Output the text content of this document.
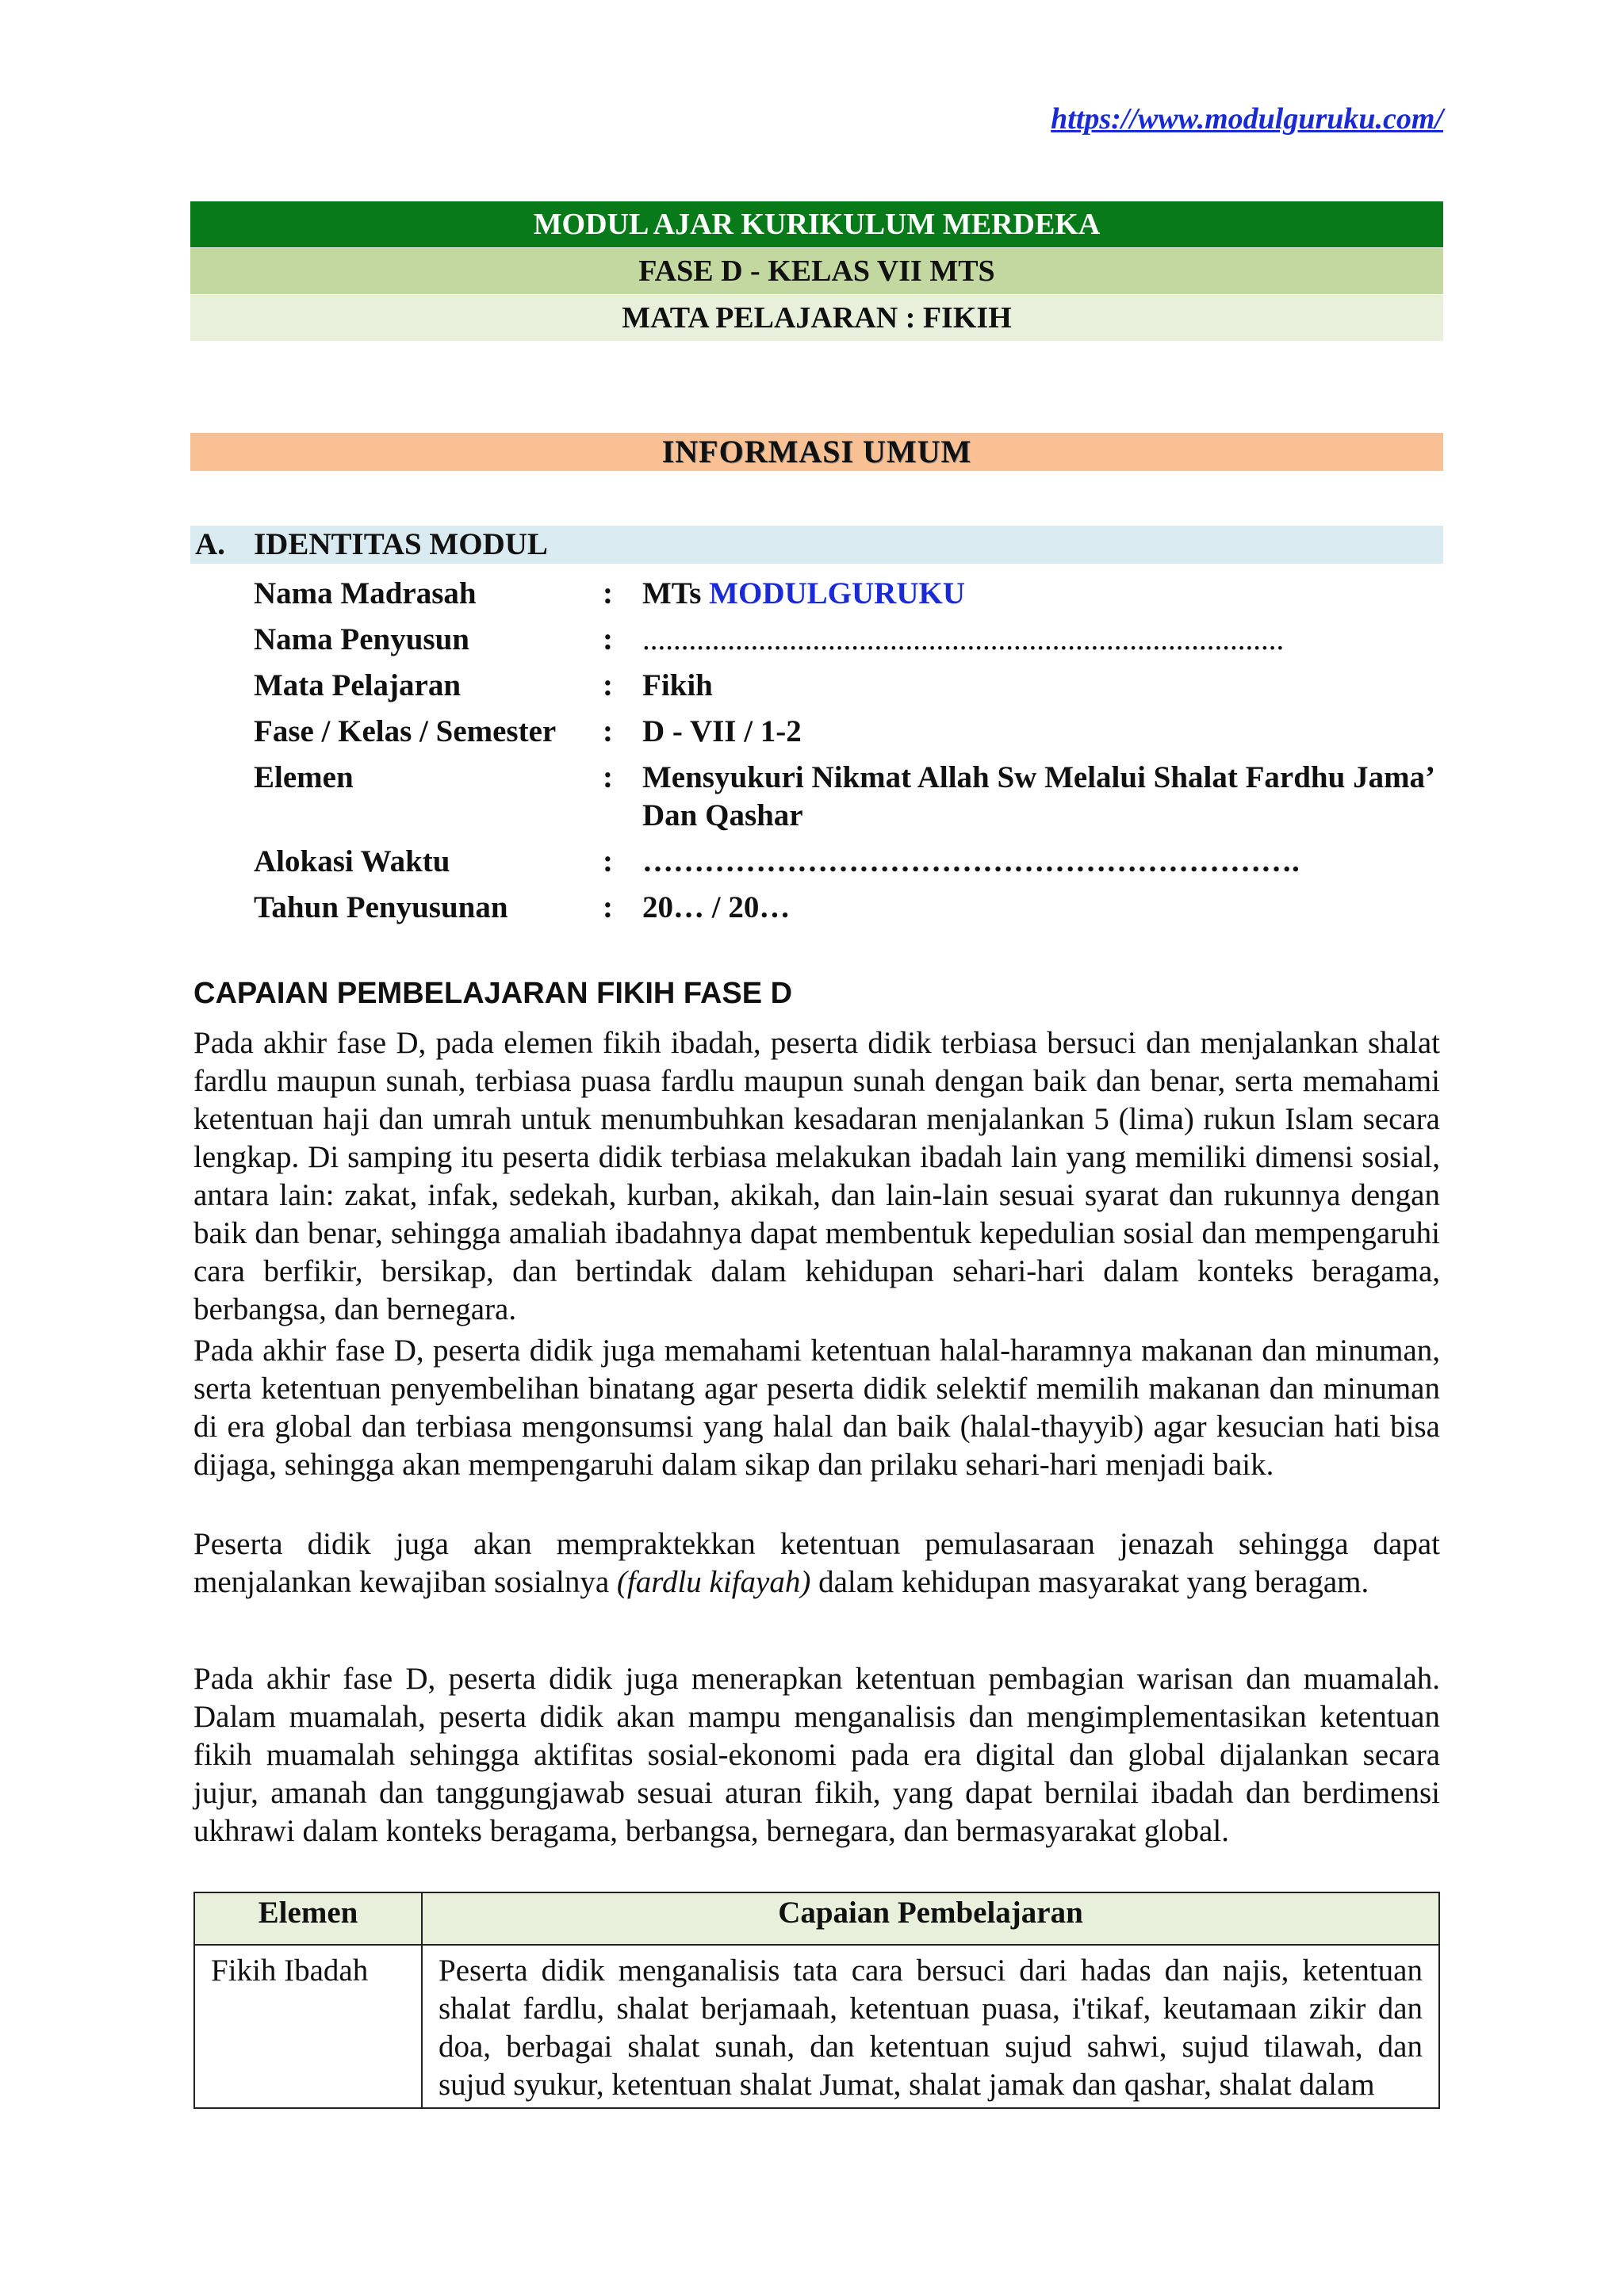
https://www.modulguruku.com/
MODUL AJAR KURIKULUM MERDEKA
FASE D - KELAS VII MTS
MATA PELAJARAN : FIKIH
INFORMASI UMUM
A. IDENTITAS MODUL
Nama Madrasah	: MTs MODULGURUKU
Nama Penyusun	: ...................................................................................
Mata Pelajaran	: Fikih
Fase / Kelas / Semester : D - VII / 1-2
Elemen	: Mensyukuri Nikmat Allah Sw Melalui Shalat Fardhu Jama’ Dan Qashar
Alokasi Waktu	: ……………………………………………………….
Tahun Penyusunan	: 20… / 20…
CAPAIAN PEMBELAJARAN FIKIH FASE D

Pada akhir fase D, pada elemen fikih ibadah, peserta didik terbiasa bersuci dan menjalankan shalat fardlu maupun sunah, terbiasa puasa fardlu maupun sunah dengan baik dan benar, serta memahami ketentuan haji dan umrah untuk menumbuhkan kesadaran menjalankan 5 (lima) rukun Islam secara lengkap. Di samping itu peserta didik terbiasa melakukan ibadah lain yang memiliki dimensi sosial, antara lain: zakat, infak, sedekah, kurban, akikah, dan lain-lain sesuai syarat dan rukunnya dengan baik dan benar, sehingga amaliah ibadahnya dapat membentuk kepedulian sosial dan mempengaruhi cara berfikir, bersikap, dan bertindak dalam kehidupan sehari-hari dalam konteks beragama, berbangsa, dan bernegara.

Pada akhir fase D, peserta didik juga memahami ketentuan halal-haramnya makanan dan minuman, serta ketentuan penyembelihan binatang agar peserta didik selektif memilih makanan dan minuman di era global dan terbiasa mengonsumsi yang halal dan baik (halal-thayyib) agar kesucian hati bisa dijaga, sehingga akan mempengaruhi dalam sikap dan prilaku sehari-hari menjadi baik.

Peserta didik juga akan mempraktekkan ketentuan pemulasaraan jenazah sehingga dapat menjalankan kewajiban sosialnya (fardlu kifayah) dalam kehidupan masyarakat yang beragam.

Pada akhir fase D, peserta didik juga menerapkan ketentuan pembagian warisan dan muamalah. Dalam muamalah, peserta didik akan mampu menganalisis dan mengimplementasikan ketentuan fikih muamalah sehingga aktifitas sosial-ekonomi pada era digital dan global dijalankan secara jujur, amanah dan tanggungjawab sesuai aturan fikih, yang dapat bernilai ibadah dan berdimensi ukhrawi dalam konteks beragama, berbangsa, bernegara, dan bermasyarakat global.

Elemen	Capaian Pembelajaran
Fikih Ibadah	Peserta didik menganalisis tata cara bersuci dari hadas dan najis, ketentuan shalat fardlu, shalat berjamaah, ketentuan puasa, i'tikaf, keutamaan zikir dan doa, berbagai shalat sunah, dan ketentuan sujud sahwi, sujud tilawah, dan sujud syukur, ketentuan shalat Jumat, shalat jamak dan qashar, shalat dalam
